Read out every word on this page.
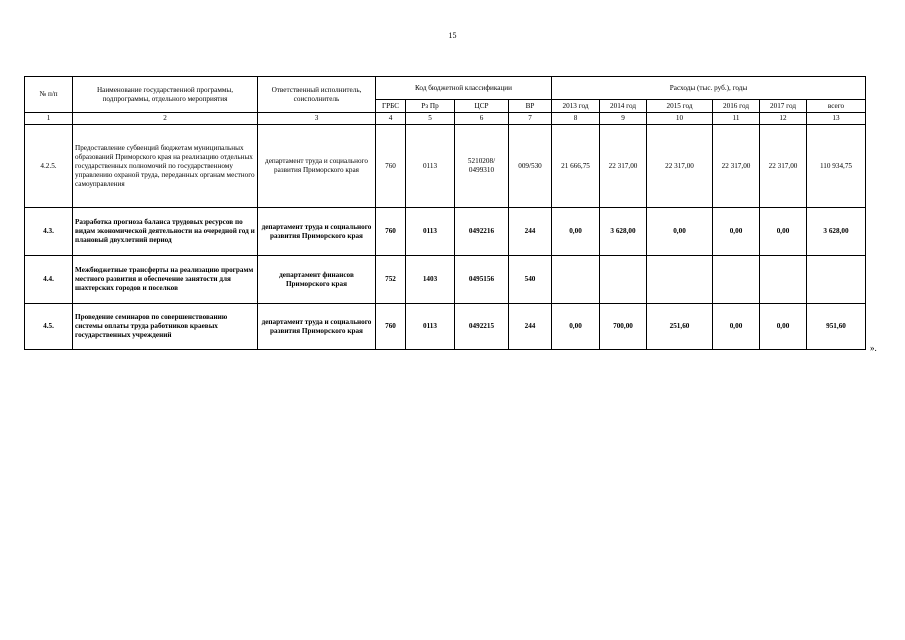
15
№ п/п	Наименование государственной программы, подпрограммы, отдельного мероприятия	Ответственный исполнитель, соисполнитель	Код бюджетной классификации				Расходы (тыс. руб.), годы					
			ГРБС	Рз Пр	ЦСР	ВР	2013 год	2014 год	2015 год	2016 год	2017 год	всего
1	2	3	4	5	6	7	8	9	10	11	12	13
4.2.5.	Предоставление субвенций бюджетам муниципальных образований Приморского края на реализацию отдельных государственных полномочий по государственному управлению охраной труда, переданных органам местного самоуправления	департамент труда и социального развития Приморского края	760	0113	5210208/ 0499310	009/530	21 666,75	22 317,00	22 317,00	22 317,00	22 317,00	110 934,75
4.3.	Разработка прогноза баланса трудовых ресурсов по видам экономической деятельности на очередной год и плановый двухлетний период	департамент труда и социального развития Приморского края	760	0113	0492216	244	0,00	3 628,00	0,00	0,00	0,00	3 628,00
4.4.	Межбюджетные трансферты на реализацию программ местного развития и обеспечение занятости для шахтерских городов и поселков	департамент финансов Приморского края	752	1403	0495156	540						
4.5.	Проведение семинаров по совершенствованию системы оплаты труда работников краевых государственных учреждений	департамент труда и социального развития Приморского края	760	0113	0492215	244	0,00	700,00	251,60	0,00	0,00	951,60
».
